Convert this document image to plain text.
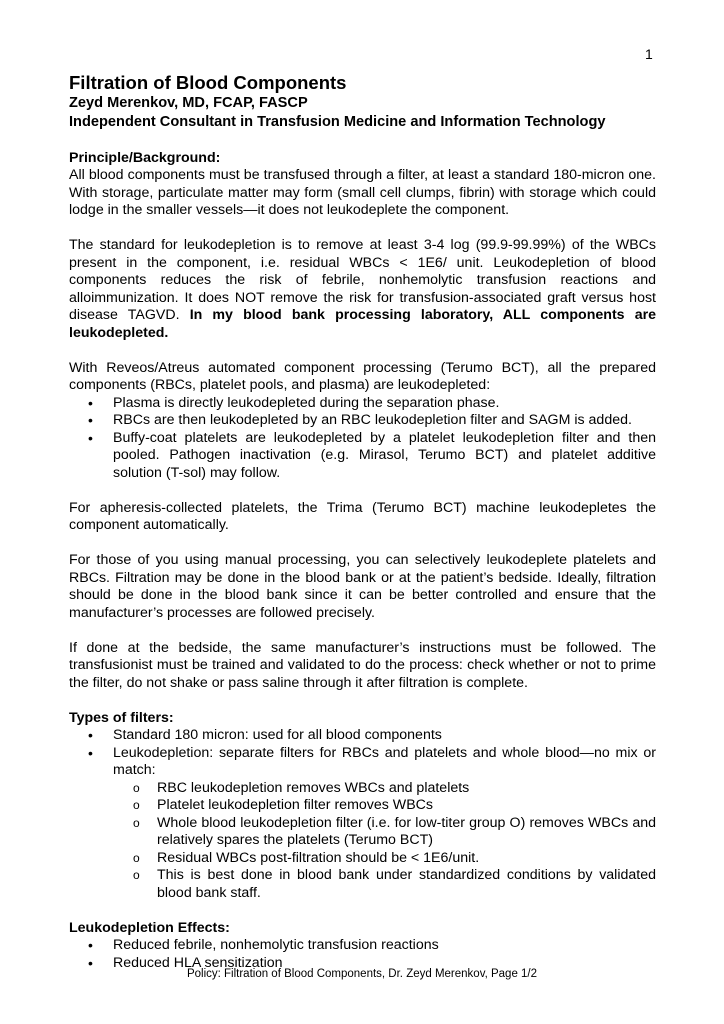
1
Filtration of Blood Components
Zeyd Merenkov, MD, FCAP, FASCP
Independent Consultant in Transfusion Medicine and Information Technology
Principle/Background:

All blood components must be transfused through a filter, at least a standard 180-micron one. With storage, particulate matter may form (small cell clumps, fibrin) with storage which could lodge in the smaller vessels—it does not leukodeplete the component.

The standard for leukodepletion is to remove at least 3-4 log (99.9-99.99%) of the WBCs present in the component, i.e. residual WBCs < 1E6/ unit. Leukodepletion of blood components reduces the risk of febrile, nonhemolytic transfusion reactions and alloimmunization. It does NOT remove the risk for transfusion-associated graft versus host disease TAGVD. In my blood bank processing laboratory, ALL components are leukodepleted.

With Reveos/Atreus automated component processing (Terumo BCT), all the prepared components (RBCs, platelet pools, and plasma) are leukodepleted:

• Plasma is directly leukodepleted during the separation phase.
• RBCs are then leukodepleted by an RBC leukodepletion filter and SAGM is added.
• Buffy-coat platelets are leukodepleted by a platelet leukodepletion filter and then pooled. Pathogen inactivation (e.g. Mirasol, Terumo BCT) and platelet additive solution (T-sol) may follow.

For apheresis-collected platelets, the Trima (Terumo BCT) machine leukodepletes the component automatically.

For those of you using manual processing, you can selectively leukodeplete platelets and RBCs. Filtration may be done in the blood bank or at the patient’s bedside. Ideally, filtration should be done in the blood bank since it can be better controlled and ensure that the manufacturer’s processes are followed precisely.

If done at the bedside, the same manufacturer’s instructions must be followed. The transfusionist must be trained and validated to do the process: check whether or not to prime the filter, do not shake or pass saline through it after filtration is complete.

Types of filters:
• Standard 180 micron: used for all blood components
• Leukodepletion: separate filters for RBCs and platelets and whole blood—no mix or match:
o RBC leukodepletion removes WBCs and platelets
o Platelet leukodepletion filter removes WBCs
o Whole blood leukodepletion filter (i.e. for low-titer group O) removes WBCs and relatively spares the platelets (Terumo BCT)
o Residual WBCs post-filtration should be < 1E6/unit.
o This is best done in blood bank under standardized conditions by validated blood bank staff.
Leukodepletion Effects:
• Reduced febrile, nonhemolytic transfusion reactions
• Reduced HLA sensitization
Policy: Filtration of Blood Components, Dr. Zeyd Merenkov, Page 1/2
